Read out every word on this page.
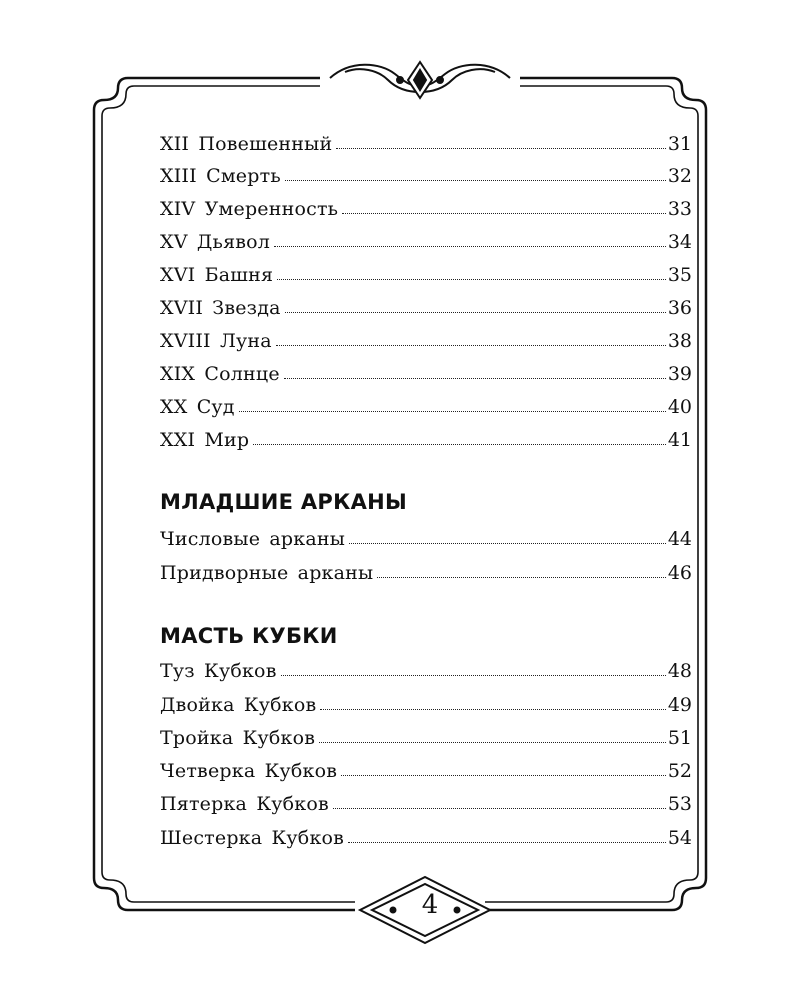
XII Повешенный	31
XIII Смерть	32
XIV Умеренность	33
XV Дьявол	34
XVI Башня	35
XVII Звезда	36
XVIII Луна	38
XIX Солнце	39
XX Суд	40
XXI Мир	41
МЛАДШИЕ АРКАНЫ
Числовые арканы	44
Придворные арканы	46
МАСТЬ КУБКИ
Туз Кубков	48
Двойка Кубков	49
Тройка Кубков	51
Четверка Кубков	52
Пятерка Кубков	53
Шестерка Кубков	54
4
